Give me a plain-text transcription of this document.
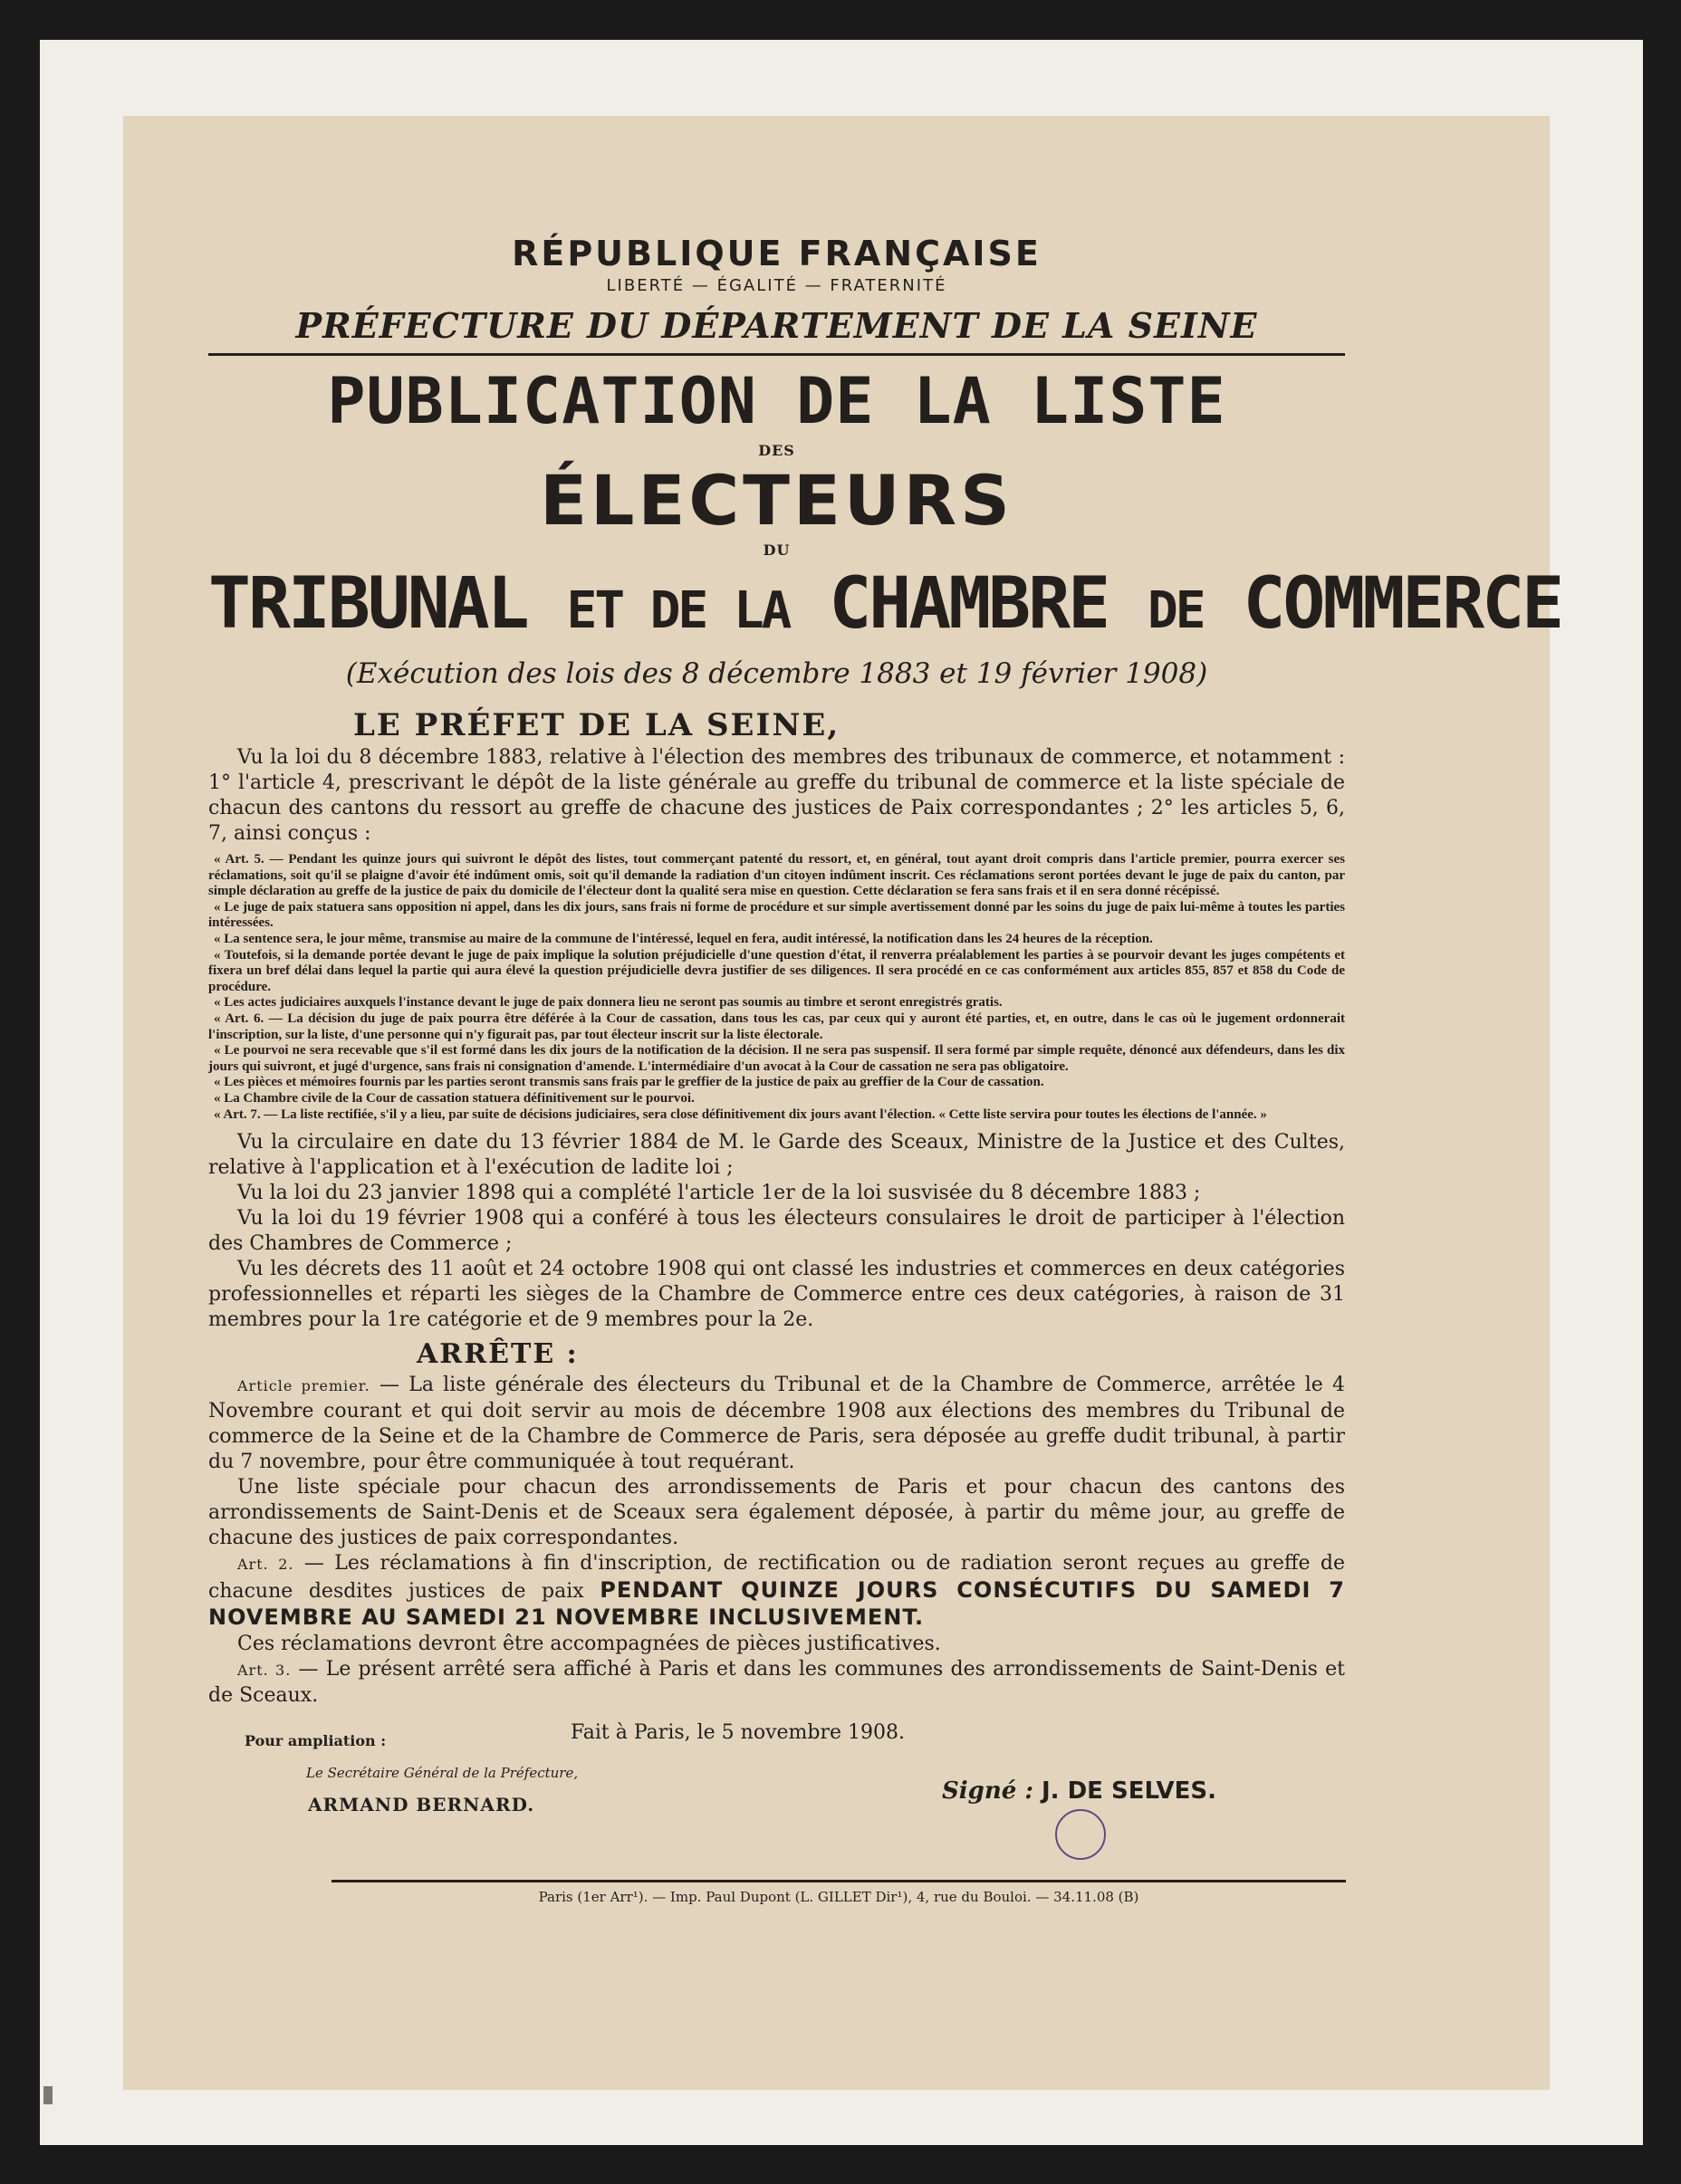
RÉPUBLIQUE FRANÇAISE
LIBERTÉ — ÉGALITÉ — FRATERNITÉ
PRÉFECTURE DU DÉPARTEMENT DE LA SEINE
PUBLICATION DE LA LISTE
DES
ÉLECTEURS
DU
TRIBUNAL ET DE LA CHAMBRE DE COMMERCE
(Exécution des lois des 8 décembre 1883 et 19 février 1908)
LE PRÉFET DE LA SEINE,

Vu la loi du 8 décembre 1883, relative à l'élection des membres des tribunaux de commerce, et notamment : 1° l'article 4, prescrivant le dépôt de la liste générale au greffe du tribunal de commerce et la liste spéciale de chacun des cantons du ressort au greffe de chacune des justices de Paix correspondantes ; 2° les articles 5, 6, 7, ainsi conçus :

« Art. 5. — Pendant les quinze jours qui suivront le dépôt des listes, tout commerçant patenté du ressort, et, en général, tout ayant droit compris dans l'article premier, pourra exercer ses réclamations, soit qu'il se plaigne d'avoir été indûment omis, soit qu'il demande la radiation d'un citoyen indûment inscrit. Ces réclamations seront portées devant le juge de paix du canton, par simple déclaration au greffe de la justice de paix du domicile de l'électeur dont la qualité sera mise en question. Cette déclaration se fera sans frais et il en sera donné récépissé.

« Le juge de paix statuera sans opposition ni appel, dans les dix jours, sans frais ni forme de procédure et sur simple avertissement donné par les soins du juge de paix lui-même à toutes les parties intéressées.

« La sentence sera, le jour même, transmise au maire de la commune de l'intéressé, lequel en fera, audit intéressé, la notification dans les 24 heures de la réception.

« Toutefois, si la demande portée devant le juge de paix implique la solution préjudicielle d'une question d'état, il renverra préalablement les parties à se pourvoir devant les juges compétents et fixera un bref délai dans lequel la partie qui aura élevé la question préjudicielle devra justifier de ses diligences. Il sera procédé en ce cas conformément aux articles 855, 857 et 858 du Code de procédure.

« Les actes judiciaires auxquels l'instance devant le juge de paix donnera lieu ne seront pas soumis au timbre et seront enregistrés gratis.

« Art. 6. — La décision du juge de paix pourra être déférée à la Cour de cassation, dans tous les cas, par ceux qui y auront été parties, et, en outre, dans le cas où le jugement ordonnerait l'inscription, sur la liste, d'une personne qui n'y figurait pas, par tout électeur inscrit sur la liste électorale.

« Le pourvoi ne sera recevable que s'il est formé dans les dix jours de la notification de la décision. Il ne sera pas suspensif. Il sera formé par simple requête, dénoncé aux défendeurs, dans les dix jours qui suivront, et jugé d'urgence, sans frais ni consignation d'amende. L'intermédiaire d'un avocat à la Cour de cassation ne sera pas obligatoire.

« Les pièces et mémoires fournis par les parties seront transmis sans frais par le greffier de la justice de paix au greffier de la Cour de cassation.

« La Chambre civile de la Cour de cassation statuera définitivement sur le pourvoi.

« Art. 7. — La liste rectifiée, s'il y a lieu, par suite de décisions judiciaires, sera close définitivement dix jours avant l'élection. « Cette liste servira pour toutes les élections de l'année. »

Vu la circulaire en date du 13 février 1884 de M. le Garde des Sceaux, Ministre de la Justice et des Cultes, relative à l'application et à l'exécution de ladite loi ;

Vu la loi du 23 janvier 1898 qui a complété l'article 1er de la loi susvisée du 8 décembre 1883 ;

Vu la loi du 19 février 1908 qui a conféré à tous les électeurs consulaires le droit de participer à l'élection des Chambres de Commerce ;

Vu les décrets des 11 août et 24 octobre 1908 qui ont classé les industries et commerces en deux catégories professionnelles et réparti les sièges de la Chambre de Commerce entre ces deux catégories, à raison de 31 membres pour la 1re catégorie et de 9 membres pour la 2e.

ARRÊTE :

Article premier. — La liste générale des électeurs du Tribunal et de la Chambre de Commerce, arrêtée le 4 Novembre courant et qui doit servir au mois de décembre 1908 aux élections des membres du Tribunal de commerce de la Seine et de la Chambre de Commerce de Paris, sera déposée au greffe dudit tribunal, à partir du 7 novembre, pour être communiquée à tout requérant.

Une liste spéciale pour chacun des arrondissements de Paris et pour chacun des cantons des arrondissements de Saint-Denis et de Sceaux sera également déposée, à partir du même jour, au greffe de chacune des justices de paix correspondantes.

Art. 2. — Les réclamations à fin d'inscription, de rectification ou de radiation seront reçues au greffe de chacune desdites justices de paix PENDANT QUINZE JOURS CONSÉCUTIFS DU SAMEDI 7 NOVEMBRE AU SAMEDI 21 NOVEMBRE INCLUSIVEMENT.

Ces réclamations devront être accompagnées de pièces justificatives.

Art. 3. — Le présent arrêté sera affiché à Paris et dans les communes des arrondissements de Saint-Denis et de Sceaux.

Pour ampliation :	Fait à Paris, le 5 novembre 1908.
Le Secrétaire Général de la Préfecture,
ARMAND BERNARD.	Signé : J. DE SELVES.
Paris (1er Arr¹). — Imp. Paul Dupont (L. GILLET Dir¹), 4, rue du Bouloi. — 34.11.08 (B)
